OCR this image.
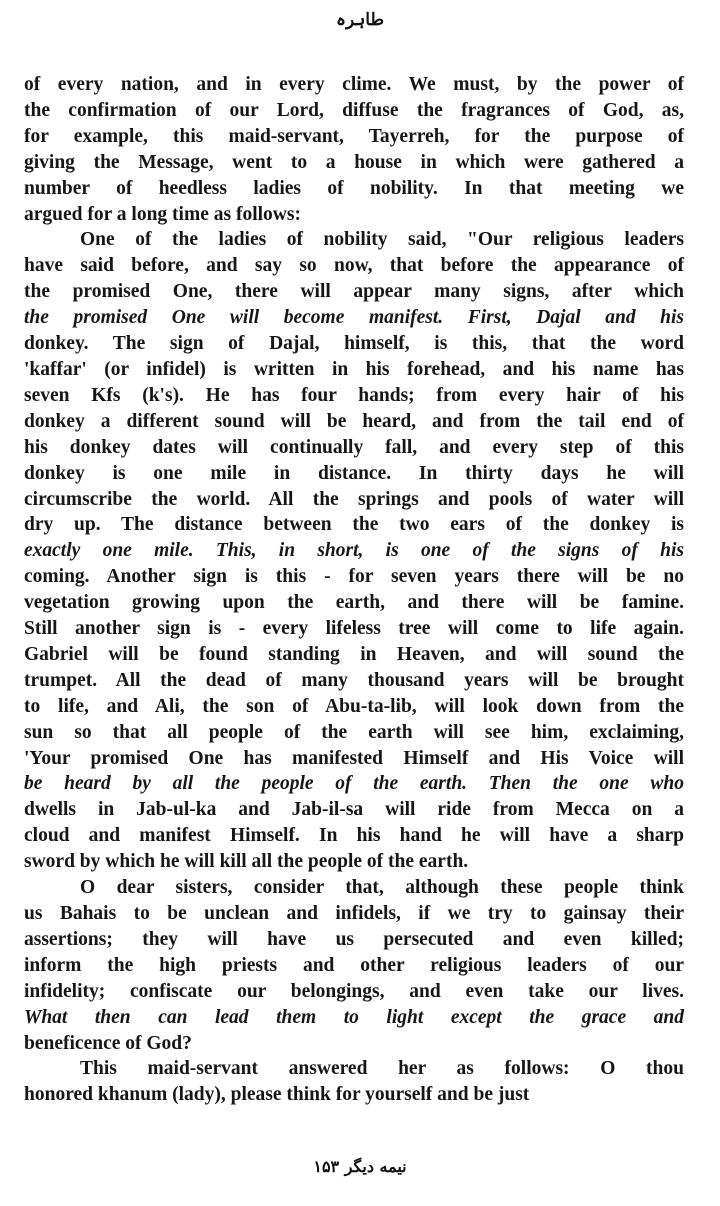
طاہرہ
of every nation, and in every clime. We must, by the power of
the confirmation of our Lord, diffuse the fragrances of God, as,
for example, this maid-servant, Tayerreh, for the purpose of
giving the Message, went to a house in which were gathered a
number of heedless ladies of nobility. In that meeting we
argued for a long time as follows:
One of the ladies of nobility said, "Our religious leaders
have said before, and say so now, that before the appearance of
the promised One, there will appear many signs, after which
the promised One will become manifest. First, Dajal and his
donkey. The sign of Dajal, himself, is this, that the word
'kaffar' (or infidel) is written in his forehead, and his name has
seven Kfs (k's). He has four hands; from every hair of his
donkey a different sound will be heard, and from the tail end of
his donkey dates will continually fall, and every step of this
donkey is one mile in distance. In thirty days he will
circumscribe the world. All the springs and pools of water will
dry up. The distance between the two ears of the donkey is
exactly one mile. This, in short, is one of the signs of his
coming. Another sign is this - for seven years there will be no
vegetation growing upon the earth, and there will be famine.
Still another sign is - every lifeless tree will come to life again.
Gabriel will be found standing in Heaven, and will sound the
trumpet. All the dead of many thousand years will be brought
to life, and Ali, the son of Abu-ta-lib, will look down from the
sun so that all people of the earth will see him, exclaiming,
'Your promised One has manifested Himself and His Voice will
be heard by all the people of the earth. Then the one who
dwells in Jab-ul-ka and Jab-il-sa will ride from Mecca on a
cloud and manifest Himself. In his hand he will have a sharp
sword by which he will kill all the people of the earth.
O dear sisters, consider that, although these people think
us Bahais to be unclean and infidels, if we try to gainsay their
assertions; they will have us persecuted and even killed;
inform the high priests and other religious leaders of our
infidelity; confiscate our belongings, and even take our lives.
What then can lead them to light except the grace and
beneficence of God?
This maid-servant answered her as follows: O thou
honored khanum (lady), please think for yourself and be just
نیمه دیگر ۱۵۳
